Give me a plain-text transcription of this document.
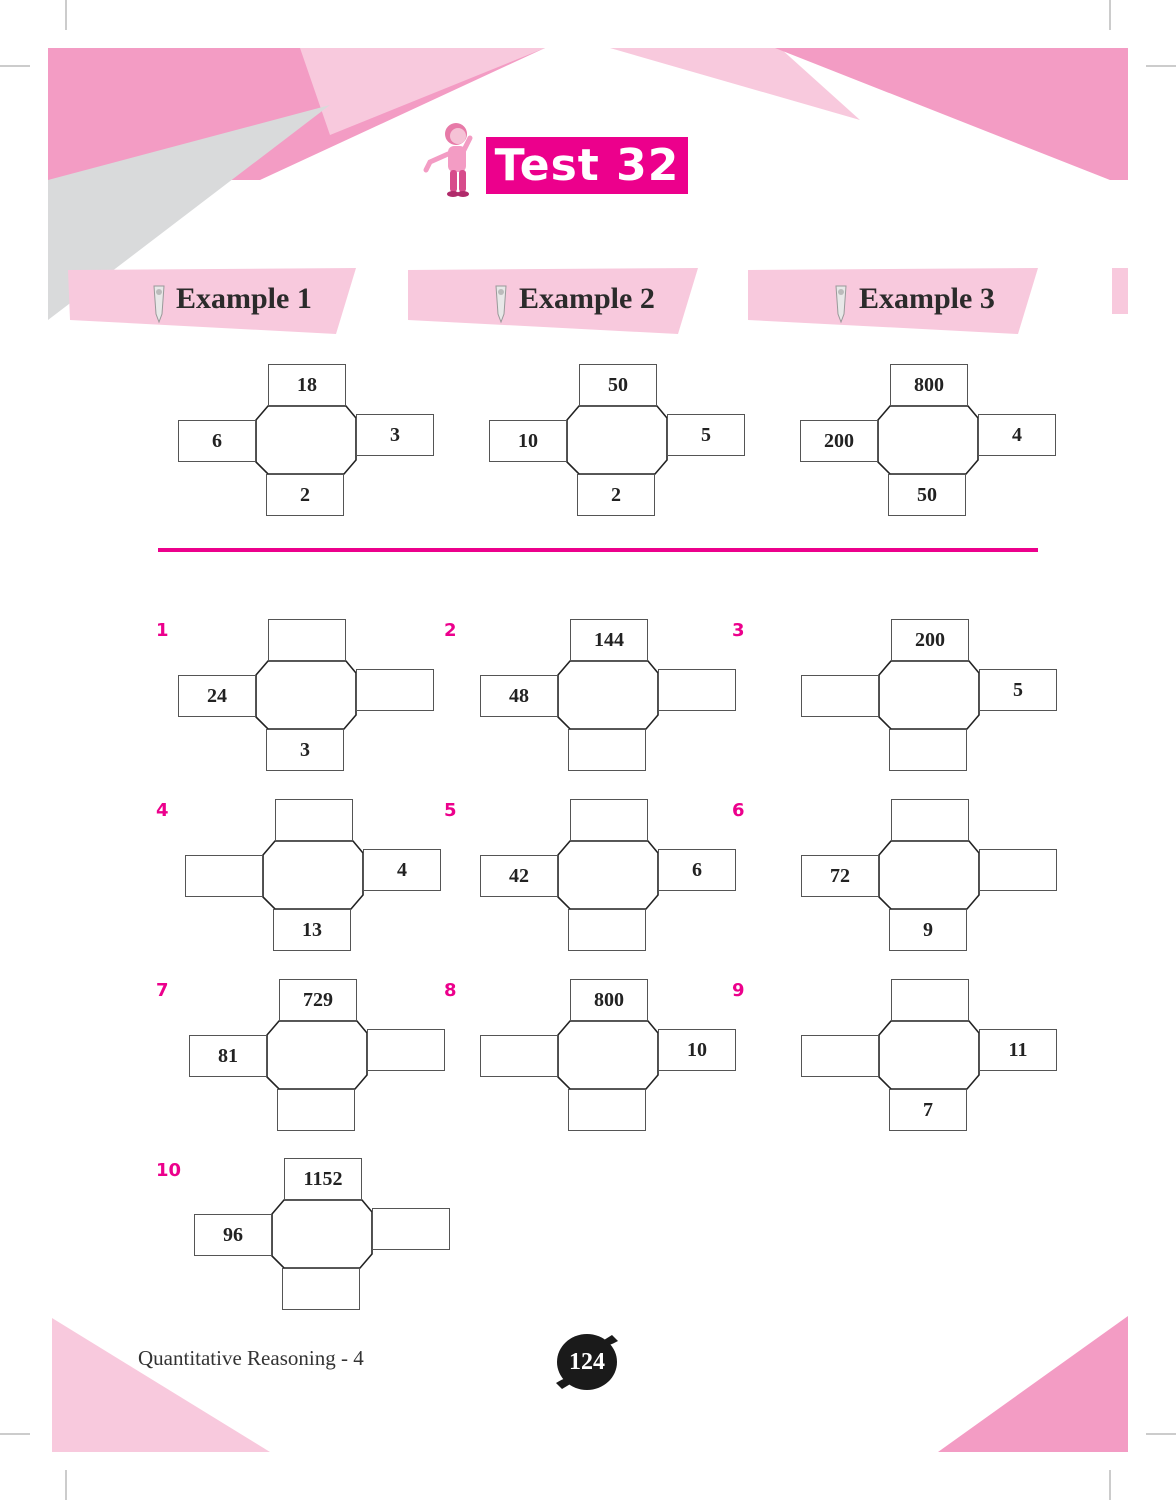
Test 32
Example 1	Example 2	Example 3
18
6	3
2
50
10	5
2
800
200	4
50
1	2	3
4	5	6
7	8	9
10
24
3
144
48
200
5
4
13
42	6	72
9
729
81
800
10	11
7
1152
96
Quantitative Reasoning - 4	124
